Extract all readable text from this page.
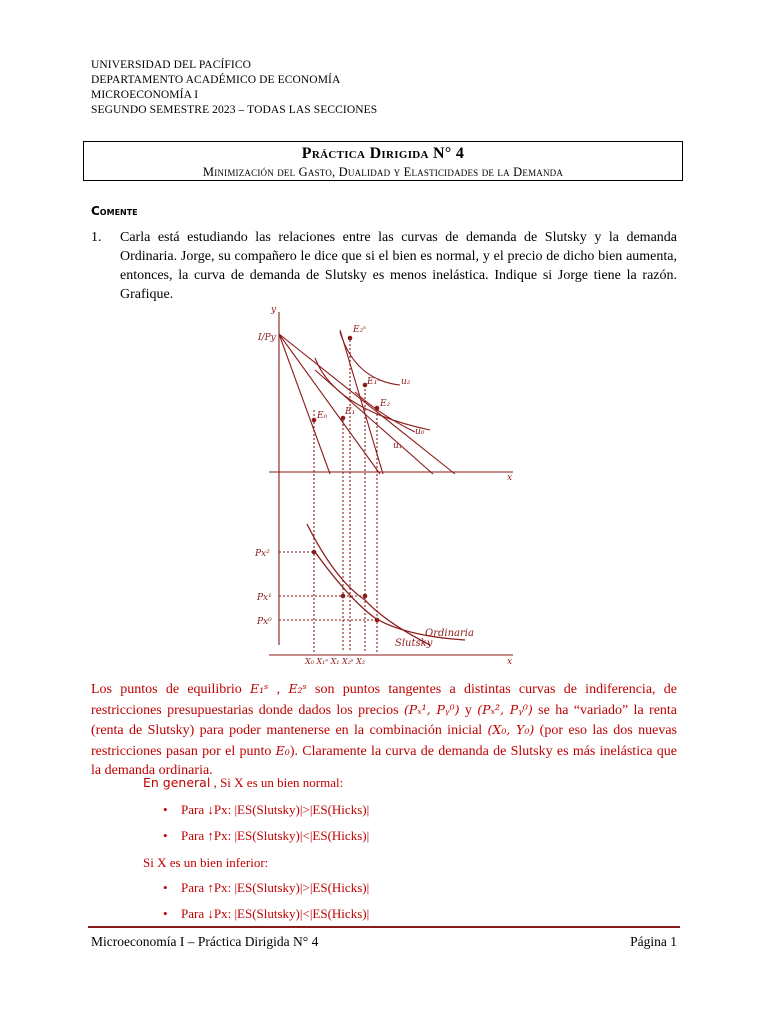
UNIVERSIDAD DEL PACÍFICO
DEPARTAMENTO ACADÉMICO DE ECONOMÍA
MICROECONOMÍA I
SEGUNDO SEMESTRE 2023 – TODAS LAS SECCIONES
Práctica Dirigida N° 4
Minimización del Gasto, Dualidad y Elasticidades de la Demanda
Comente
1. Carla está estudiando las relaciones entre las curvas de demanda de Slutsky y la demanda Ordinaria. Jorge, su compañero le dice que si el bien es normal, y el precio de dicho bien aumenta, entonces, la curva de demanda de Slutsky es menos inelástica. Indique si Jorge tiene la razón. Grafique.
y
x
x
I/Py
E₂ˢ
E₁ˢ
E₀ E₁
E₂
u₂
u₀
u₁
Px²
Px¹
Px⁰
Ordinaria
Slutsky
X₀ X₁ˢ X₁ X₂ˢ X₂
Los puntos de equilibrio E₁ˢ , E₂ˢ son puntos tangentes a distintas curvas de indiferencia, de restricciones presupuestarias donde dados los precios (Pₓ¹, Pᵧ⁰) y (Pₓ², Pᵧ⁰) se ha “variado” la renta (renta de Slutsky) para poder mantenerse en la combinación inicial (X₀, Y₀) (por eso las dos nuevas restricciones pasan por el punto E₀). Claramente la curva de demanda de Slutsky es más inelástica que la demanda ordinaria.
En general , Si X es un bien normal:
• Para ↓Px: |ES(Slutsky)|>|ES(Hicks)|
• Para ↑Px: |ES(Slutsky)|<|ES(Hicks)|
Si X es un bien inferior:
• Para ↑Px: |ES(Slutsky)|>|ES(Hicks)|
• Para ↓Px: |ES(Slutsky)|<|ES(Hicks)|
Microeconomía I – Práctica Dirigida N° 4	Página 1
